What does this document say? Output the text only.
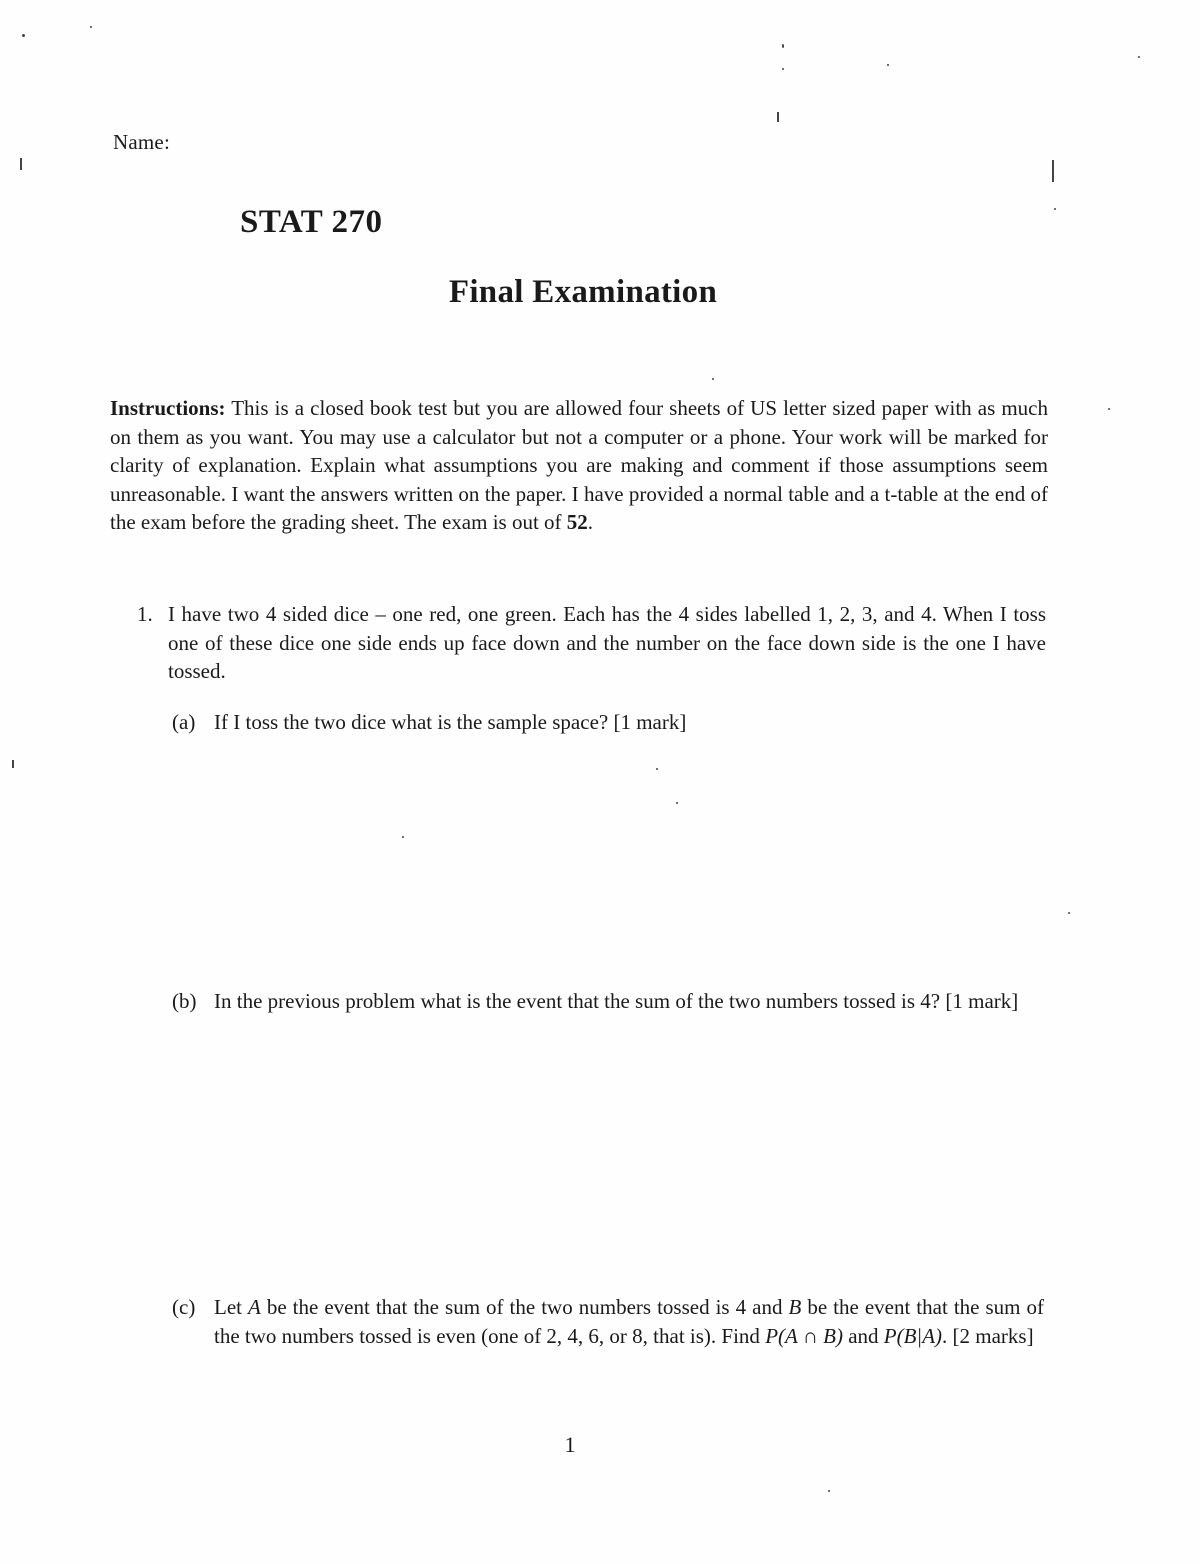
Name:
STAT 270
Final Examination
Instructions: This is a closed book test but you are allowed four sheets of US letter sized paper with as much on them as you want. You may use a calculator but not a computer or a phone. Your work will be marked for clarity of explanation. Explain what assumptions you are making and comment if those assumptions seem unreasonable. I want the answers written on the paper. I have provided a normal table and a t-table at the end of the exam before the grading sheet. The exam is out of 52.
1. I have two 4 sided dice – one red, one green. Each has the 4 sides labelled 1, 2, 3, and 4. When I toss one of these dice one side ends up face down and the number on the face down side is the one I have tossed.
(a) If I toss the two dice what is the sample space? [1 mark]
(b) In the previous problem what is the event that the sum of the two numbers tossed is 4? [1 mark]
(c) Let A be the event that the sum of the two numbers tossed is 4 and B be the event that the sum of the two numbers tossed is even (one of 2, 4, 6, or 8, that is). Find P(A ∩ B) and P(B|A). [2 marks]
1
